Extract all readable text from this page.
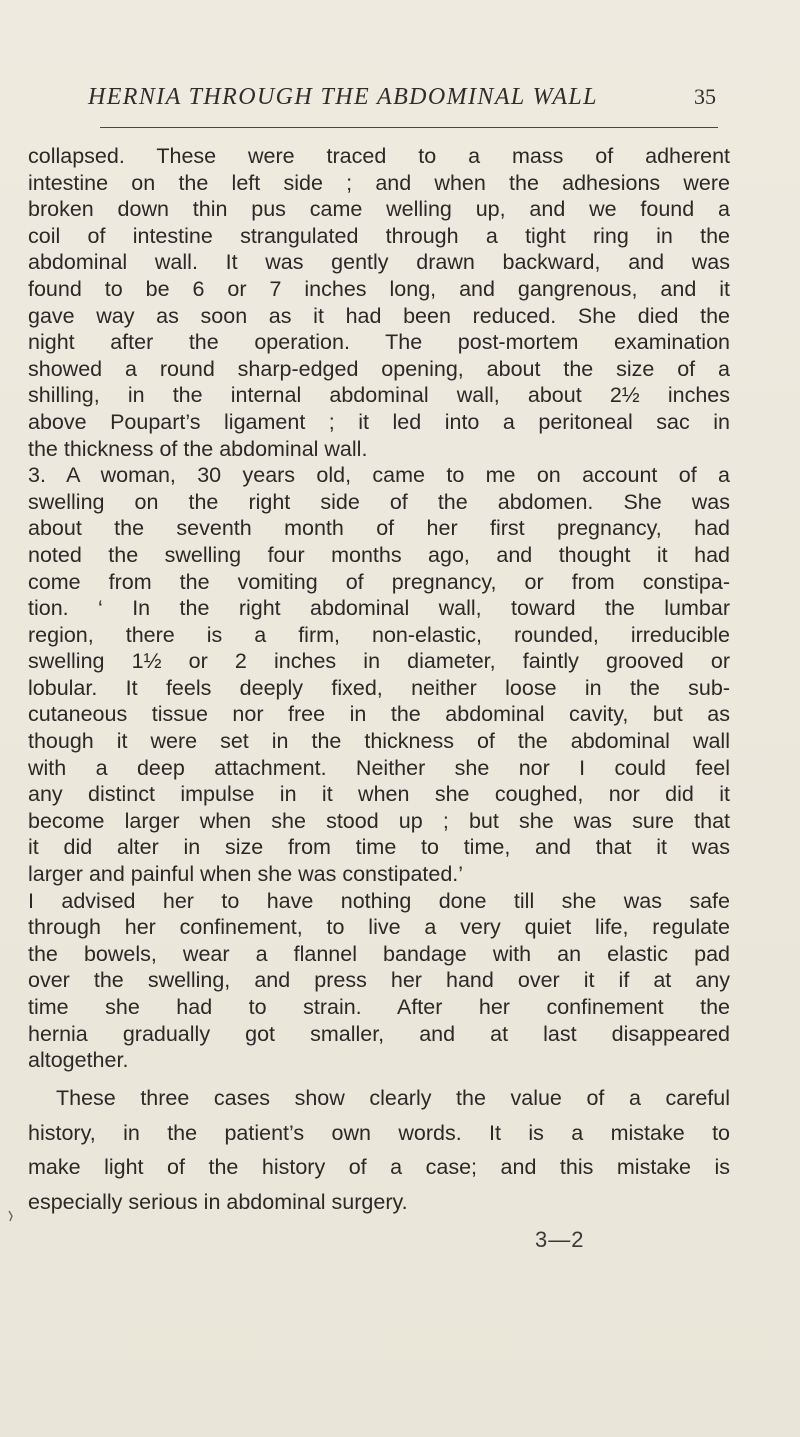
HERNIA THROUGH THE ABDOMINAL WALL	35
collapsed. These were traced to a mass of adherent
intestine on the left side ; and when the adhesions were
broken down thin pus came welling up, and we found a
coil of intestine strangulated through a tight ring in the
abdominal wall. It was gently drawn backward, and was
found to be 6 or 7 inches long, and gangrenous, and it
gave way as soon as it had been reduced. She died the
night after the operation. The post-mortem examination
showed a round sharp-edged opening, about the size of a
shilling, in the internal abdominal wall, about 2½ inches
above Poupart’s ligament ; it led into a peritoneal sac in
the thickness of the abdominal wall.
3. A woman, 30 years old, came to me on account of a
swelling on the right side of the abdomen. She was
about the seventh month of her first pregnancy, had
noted the swelling four months ago, and thought it had
come from the vomiting of pregnancy, or from constipa-
tion. ‘ In the right abdominal wall, toward the lumbar
region, there is a firm, non-elastic, rounded, irreducible
swelling 1½ or 2 inches in diameter, faintly grooved or
lobular. It feels deeply fixed, neither loose in the sub-
cutaneous tissue nor free in the abdominal cavity, but as
though it were set in the thickness of the abdominal wall
with a deep attachment. Neither she nor I could feel
any distinct impulse in it when she coughed, nor did it
become larger when she stood up ; but she was sure that
it did alter in size from time to time, and that it was
larger and painful when she was constipated.’
I advised her to have nothing done till she was safe
through her confinement, to live a very quiet life, regulate
the bowels, wear a flannel bandage with an elastic pad
over the swelling, and press her hand over it if at any
time she had to strain. After her confinement the
hernia gradually got smaller, and at last disappeared
altogether.
These three cases show clearly the value of a careful
history, in the patient’s own words. It is a mistake to
make light of the history of a case; and this mistake is
especially serious in abdominal surgery.
3—2
